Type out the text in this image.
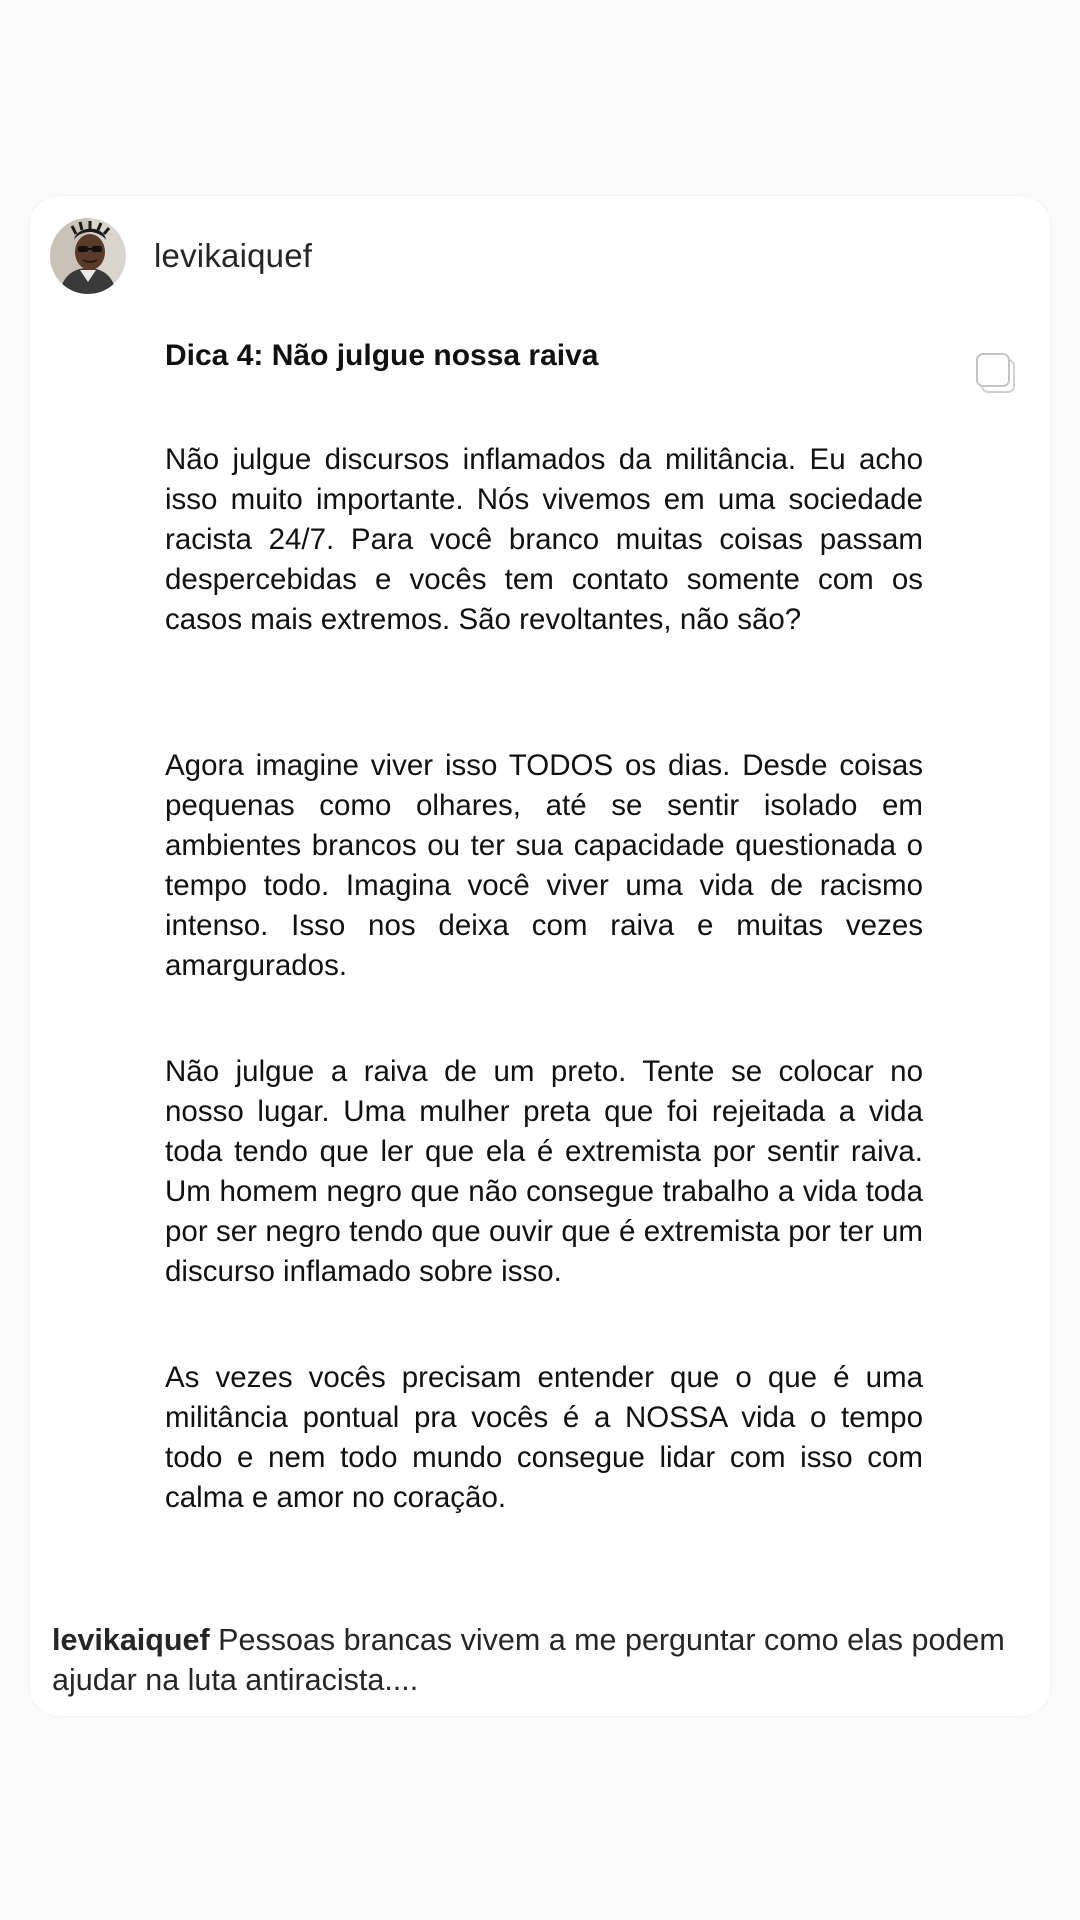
levikaiquef
Dica 4: Não julgue nossa raiva

Não julgue discursos inflamados da militância. Eu acho isso muito importante. Nós vivemos em uma sociedade racista 24/7. Para você branco muitas coisas passam despercebidas e vocês tem contato somente com os casos mais extremos. São revoltantes, não são?

Agora imagine viver isso TODOS os dias. Desde coisas pequenas como olhares, até se sentir isolado em ambientes brancos ou ter sua capacidade questionada o tempo todo. Imagina você viver uma vida de racismo intenso. Isso nos deixa com raiva e muitas vezes amargurados.

Não julgue a raiva de um preto. Tente se colocar no nosso lugar. Uma mulher preta que foi rejeitada a vida toda tendo que ler que ela é extremista por sentir raiva. Um homem negro que não consegue trabalho a vida toda por ser negro tendo que ouvir que é extremista por ter um discurso inflamado sobre isso.

As vezes vocês precisam entender que o que é uma militância pontual pra vocês é a NOSSA vida o tempo todo e nem todo mundo consegue lidar com isso com calma e amor no coração.

levikaiquef Pessoas brancas vivem a me perguntar como elas podem ajudar na luta antiracista....
